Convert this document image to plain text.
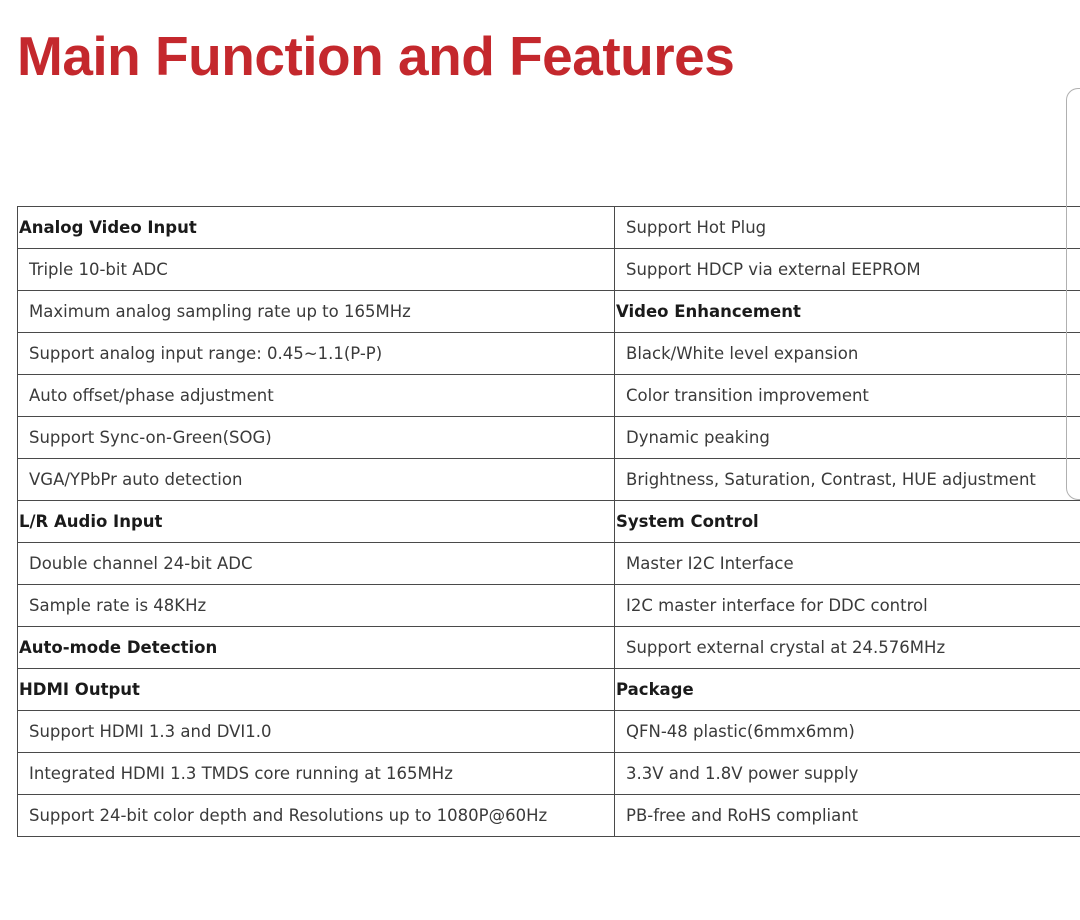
Main Function and Features
Analog Video Input	Support Hot Plug
Triple 10-bit ADC	Support HDCP via external EEPROM
Maximum analog sampling rate up to 165MHz	Video Enhancement
Support analog input range: 0.45~1.1(P-P)	Black/White level expansion
Auto offset/phase adjustment	Color transition improvement
Support Sync-on-Green(SOG)	Dynamic peaking
VGA/YPbPr auto detection	Brightness, Saturation, Contrast, HUE adjustment
L/R Audio Input	System Control
Double channel 24-bit ADC	Master I2C Interface
Sample rate is 48KHz	I2C master interface for DDC control
Auto-mode Detection	Support external crystal at 24.576MHz
HDMI Output	Package
Support HDMI 1.3 and DVI1.0	QFN-48 plastic(6mmx6mm)
Integrated HDMI 1.3 TMDS core running at 165MHz	3.3V and 1.8V power supply
Support 24-bit color depth and Resolutions up to 1080P@60Hz	PB-free and RoHS compliant
